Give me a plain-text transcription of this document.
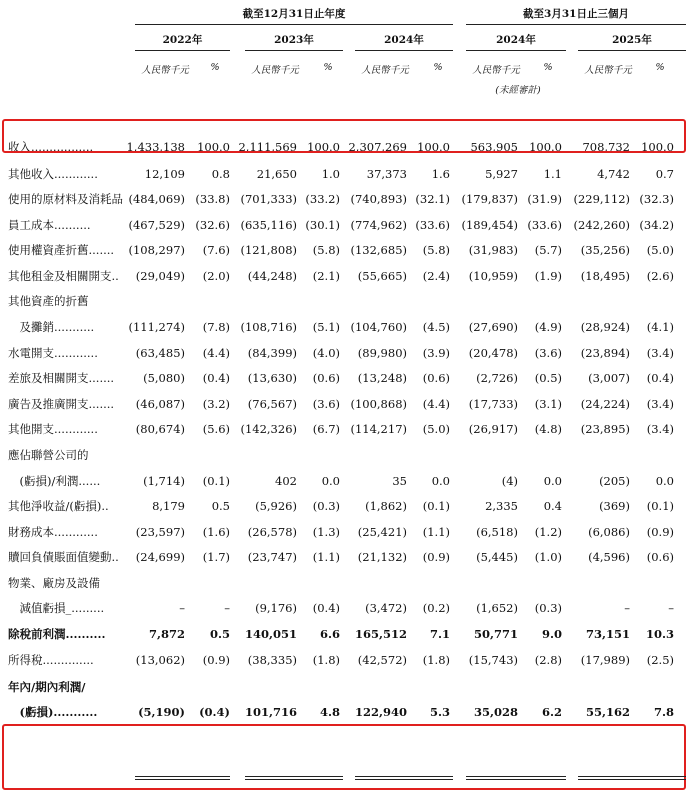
截至12月31日止年度	截至3月31日止三個月
2022年	2023年	2024年	2024年	2025年
人民幣千元	%	人民幣千元	%	人民幣千元	%	人民幣千元	%
(未經審計)
人民幣千元	%
收入.................	1,433,138	100.0 2,111,569 100.0 2,307,269 100.0	563,905 100.0	708,732 100.0
其他收入............	12,109	0.8	21,650	1.0	37,373	1.6	5,927	1.1	4,742	0.7
使用的原材料及消耗品 (484,069) (33.8) (701,333) (33.2) (740,893) (32.1) (179,837) (31.9) (229,112) (32.3)
員工成本..........	(467,529) (32.6) (635,116) (30.1) (774,962) (33.6) (189,454) (33.6) (242,260) (34.2)
使用權資產折舊.......	(108,297)	(7.6) (121,808)	(5.8) (132,685)	(5.8)	(31,983)	(5.7)	(35,256)	(5.0)
其他租金及相關開支..	(29,049)	(2.0)	(44,248)	(2.1)	(55,665)	(2.4)	(10,959)	(1.9)	(18,495)	(2.6)
其他資產的折舊
　及攤銷...........	(111,274)	(7.8) (108,716)	(5.1) (104,760)	(4.5)	(27,690)	(4.9)	(28,924)	(4.1)
水電開支............	(63,485)	(4.4)	(84,399)	(4.0)	(89,980)	(3.9)	(20,478)	(3.6)	(23,894)	(3.4)
差旅及相關開支.......	(5,080)	(0.4)	(13,630)	(0.6)	(13,248)	(0.6)	(2,726)	(0.5)	(3,007)	(0.4)
廣告及推廣開支.......	(46,087)	(3.2)	(76,567)	(3.6) (100,868)	(4.4)	(17,733)	(3.1)	(24,224)	(3.4)
其他開支............	(80,674)	(5.6) (142,326)	(6.7) (114,217)	(5.0)	(26,917)	(4.8)	(23,895)	(3.4)
應佔聯營公司的
　(虧損)/利潤......	(1,714)	(0.1)	402	0.0	35	0.0	(4)	0.0	(205)	0.0
其他淨收益/(虧損)..	8,179	0.5	(5,926)	(0.3)	(1,862)	(0.1)	2,335	0.4	(369)	(0.1)
財務成本............	(23,597)	(1.6)	(26,578)	(1.3)	(25,421)	(1.1)	(6,518)	(1.2)	(6,086)	(0.9)
贖回負債賬面值變動..	(24,699)	(1.7)	(23,747)	(1.1)	(21,132)	(0.9)	(5,445)	(1.0)	(4,596)	(0.6)
物業、廠房及設備
　減值虧損_.........	–	–	(9,176)	(0.4)	(3,472)	(0.2)	(1,652)	(0.3)	–	–
除稅前利潤..........	7,872	0.5	140,051	6.6	165,512	7.1	50,771	9.0	73,151	10.3
所得稅..............	(13,062)	(0.9)	(38,335)	(1.8)	(42,572)	(1.8)	(15,743)	(2.8)	(17,989)	(2.5)
年內/期內利潤/
　(虧損)...........	(5,190)	(0.4)	101,716	4.8	122,940	5.3	35,028	6.2	55,162	7.8
